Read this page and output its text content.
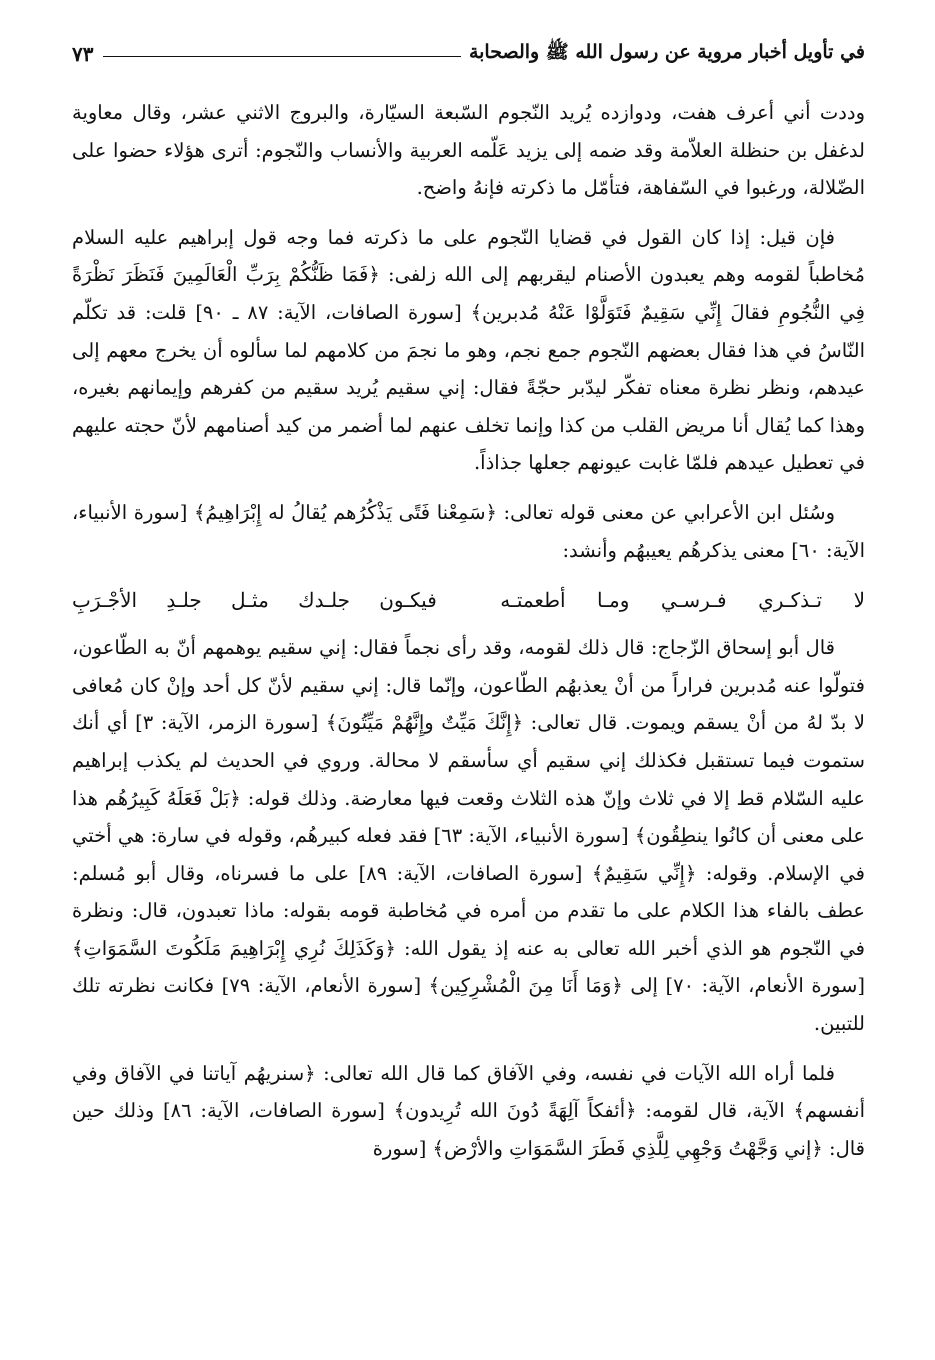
في تأويل أخبار مروية عن رسول الله ﷺ والصحابة
٧٣

وددت أني أعرف هفت، ودوازده يُريد النّجوم السّبعة السيّارة، والبروج الاثني عشر، وقال معاوية لدغفل بن حنظلة العلاّمة وقد ضمه إلى يزيد عَلّمه العربية والأنساب والنّجوم: أترى هؤلاء حضوا على الضّلالة، ورغبوا في السّفاهة، فتأمّل ما ذكرته فإنهُ واضح.

فإن قيل: إذا كان القول في قضايا النّجوم على ما ذكرته فما وجه قول إبراهيم عليه السلام مُخاطباً لقومه وهم يعبدون الأصنام ليقربهم إلى الله زلفى: ﴿فَمَا ظَنُّكُمْ بِرَبِّ الْعَالَمِينَ فَنَظَرَ نَظْرَةً فِي النُّجُومِ فقالَ إِنِّي سَقِيمٌ فَتَوَلَّوْا عَنْهُ مُدبرين﴾ [سورة الصافات، الآية: ٨٧ ـ ٩٠] قلت: قد تكلّم النّاسُ في هذا فقال بعضهم النّجوم جمع نجم، وهو ما نجمَ من كلامهم لما سألوه أن يخرج معهم إلى عيدهم، ونظر نظرة معناه تفكّر ليدّبر حجّةً فقال: إني سقيم يُريد سقيم من كفرهم وإيمانهم بغيره، وهذا كما يُقال أنا مريض القلب من كذا وإنما تخلف عنهم لما أضمر من كيد أصنامهم لأنّ حجته عليهم في تعطيل عيدهم فلمّا غابت عيونهم جعلها جذاذاً.

وسُئل ابن الأعرابي عن معنى قوله تعالى: ﴿سَمِعْنا فَتًى يَذْكُرُهم يُقالُ له إِبْرَاهِيمُ﴾ [سورة الأنبياء، الآية: ٦٠] معنى يذكرهُم يعيبهُم وأنشد:

لا تـذكـري فـرسـي ومـا أطعمتـه
فيكـون جلـدك مثـل جلـدِ الأجْـرَبِ

قال أبو إسحاق الزّجاج: قال ذلك لقومه، وقد رأى نجماً فقال: إني سقيم يوهمهم أنّ به الطّاعون، فتولّوا عنه مُدبرين فراراً من أنْ يعذبهُم الطّاعون، وإنّما قال: إني سقيم لأنّ كل أحد وإنْ كان مُعافى لا بدّ لهُ من أنْ يسقم ويموت. قال تعالى: ﴿إِنَّكَ مَيِّتٌ وإِنَّهُمْ مَيِّتُونَ﴾ [سورة الزمر، الآية: ٣] أي أنك ستموت فيما تستقبل فكذلك إني سقيم أي سأسقم لا محالة. وروي في الحديث لم يكذب إبراهيم عليه السّلام قط إلا في ثلاث وإنّ هذه الثلاث وقعت فيها معارضة. وذلك قوله: ﴿بَلْ فَعَلَهُ كَبِيرُهُم هذا على معنى أن كانُوا ينطِقُون﴾ [سورة الأنبياء، الآية: ٦٣] فقد فعله كبيرهُم، وقوله في سارة: هي أختي في الإسلام. وقوله: ﴿إِنِّي سَقِيمٌ﴾ [سورة الصافات، الآية: ٨٩] على ما فسرناه، وقال أبو مُسلم: عطف بالفاء هذا الكلام على ما تقدم من أمره في مُخاطبة قومه بقوله: ماذا تعبدون، قال: ونظرة في النّجوم هو الذي أخبر الله تعالى به عنه إذ يقول الله: ﴿وَكَذَلِكَ نُرِي إِبْرَاهِيمَ مَلَكُوتَ السَّمَوَاتِ﴾ [سورة الأنعام، الآية: ٧٠] إلى ﴿وَمَا أَنَا مِنَ الْمُشْرِكِين﴾ [سورة الأنعام، الآية: ٧٩] فكانت نظرته تلك للتبين.

فلما أراه الله الآيات في نفسه، وفي الآفاق كما قال الله تعالى: ﴿سنريهُم آياتنا في الآفاق وفي أنفسهم﴾ الآية، قال لقومه: ﴿أئفكاً آلِهَةً دُونَ الله تُرِيدون﴾ [سورة الصافات، الآية: ٨٦] وذلك حين قال: ﴿إني وَجَّهْتُ وَجْهِي لِلَّذِي فَطَرَ السَّمَوَاتِ والأرْض﴾ [سورة
